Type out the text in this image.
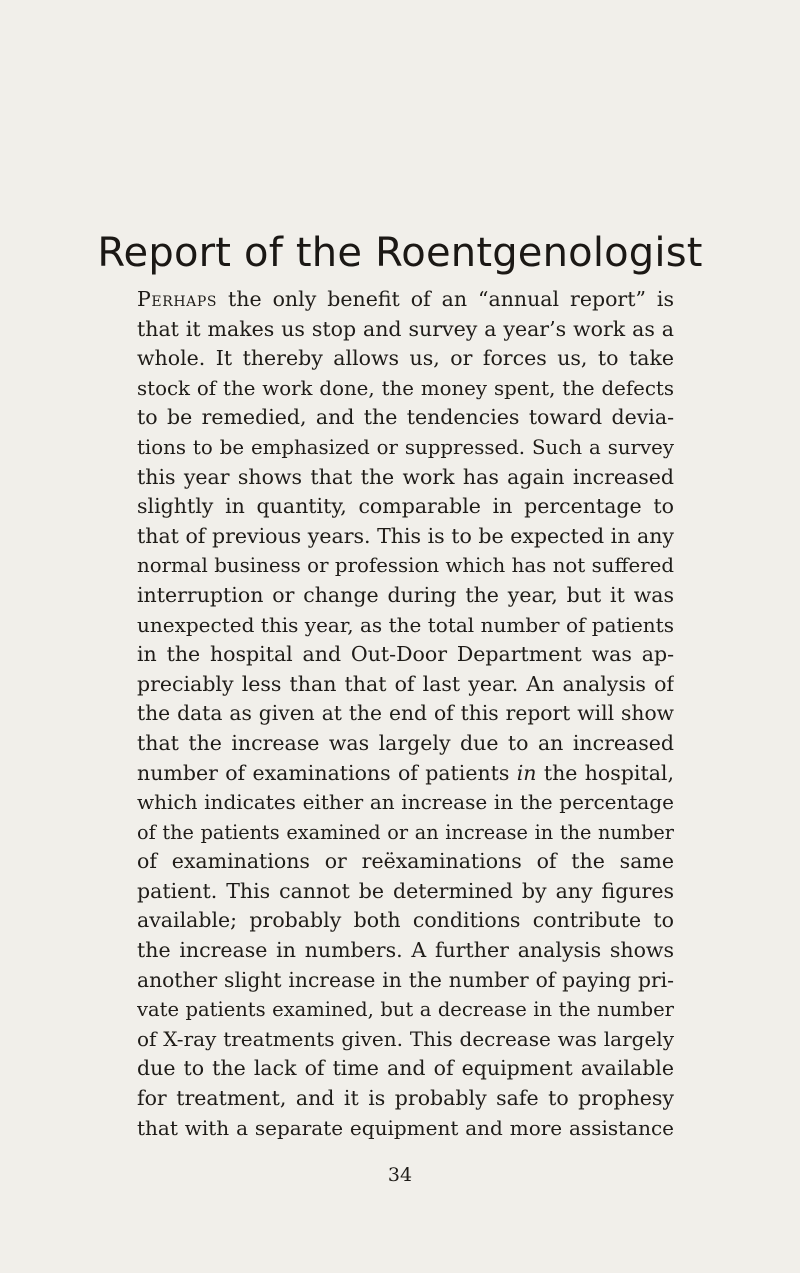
Report of the Roentgenologist
Perhaps the only benefit of an “annual report” is
that it makes us stop and survey a year’s work as a
whole. It thereby allows us, or forces us, to take
stock of the work done, the money spent, the defects
to be remedied, and the tendencies toward devia-
tions to be emphasized or suppressed. Such a survey
this year shows that the work has again increased
slightly in quantity, comparable in percentage to
that of previous years. This is to be expected in any
normal business or profession which has not suffered
interruption or change during the year, but it was
unexpected this year, as the total number of patients
in the hospital and Out-Door Department was ap-
preciably less than that of last year. An analysis of
the data as given at the end of this report will show
that the increase was largely due to an increased
number of examinations of patients in the hospital,
which indicates either an increase in the percentage
of the patients examined or an increase in the number
of examinations or reëxaminations of the same
patient. This cannot be determined by any figures
available; probably both conditions contribute to
the increase in numbers. A further analysis shows
another slight increase in the number of paying pri-
vate patients examined, but a decrease in the number
of X-ray treatments given. This decrease was largely
due to the lack of time and of equipment available
for treatment, and it is probably safe to prophesy
that with a separate equipment and more assistance
34
